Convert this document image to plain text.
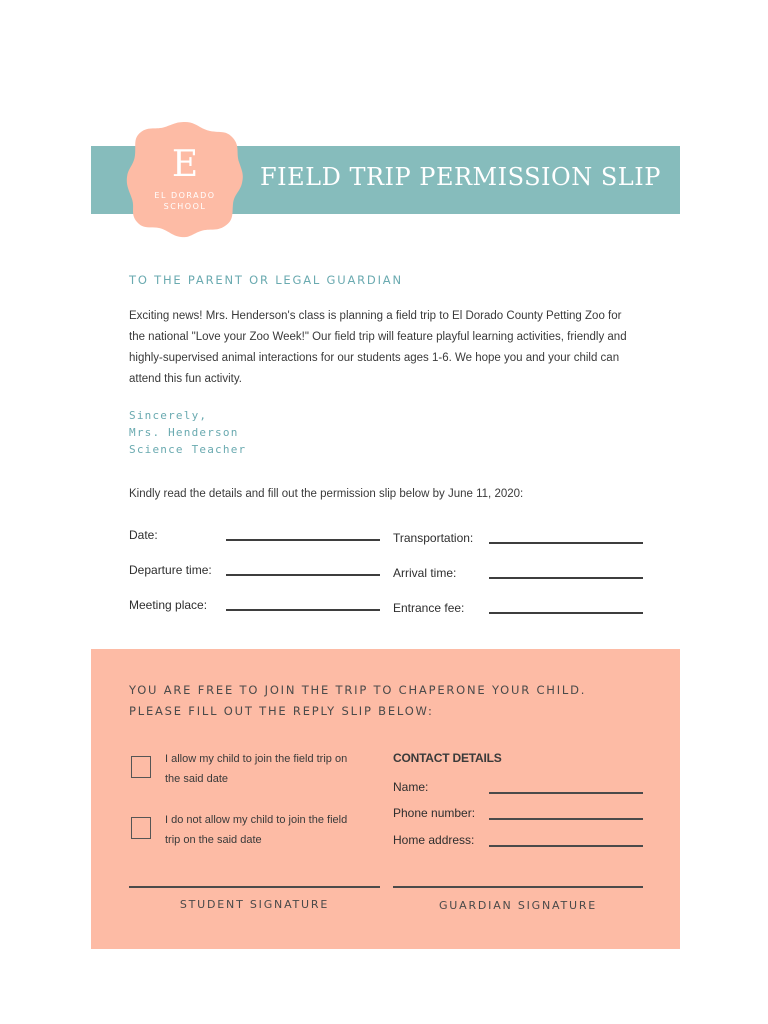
E
EL DORADO
SCHOOL
FIELD TRIP PERMISSION SLIP
TO THE PARENT OR LEGAL GUARDIAN

Exciting news! Mrs. Henderson's class is planning a field trip to El Dorado County Petting Zoo for the national "Love your Zoo Week!" Our field trip will feature playful learning activities, friendly and highly-supervised animal interactions for our students ages 1-6. We hope you and your child can attend this fun activity.

Sincerely,
Mrs. Henderson
Science Teacher
Kindly read the details and fill out the permission slip below by June 11, 2020:
Date:	Transportation:
Departure time:	Arrival time:
Meeting place:	Entrance fee:
YOU ARE FREE TO JOIN THE TRIP TO CHAPERONE YOUR CHILD.
PLEASE FILL OUT THE REPLY SLIP BELOW:
I allow my child to join the field trip on the said date
I do not allow my child to join the field trip on the said date
CONTACT DETAILS
Name:
Phone number:
Home address:
STUDENT SIGNATURE	GUARDIAN SIGNATURE
